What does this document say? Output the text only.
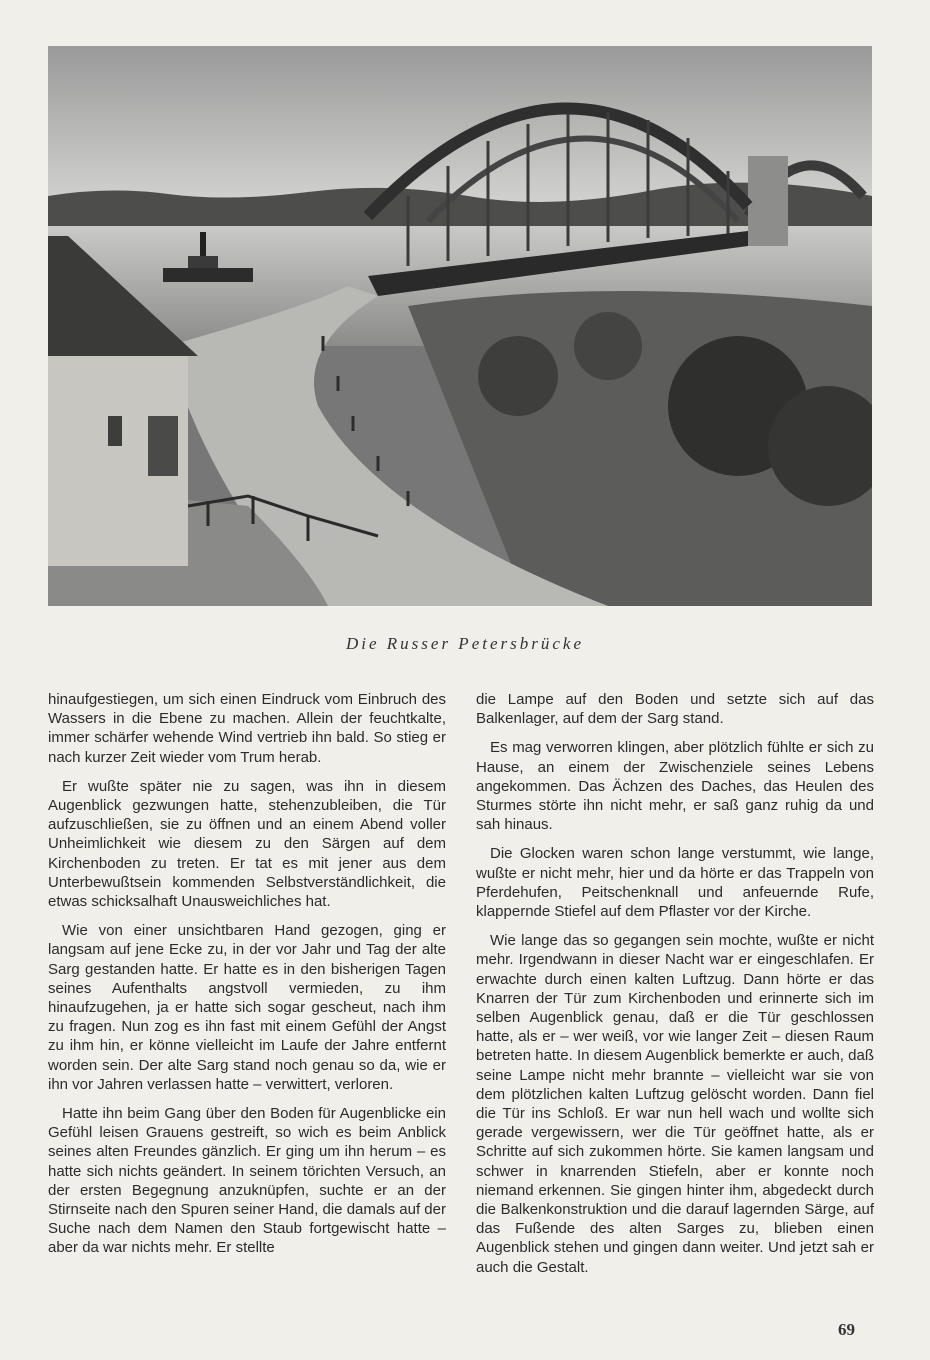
Die Russer Petersbrücke

hinaufgestiegen, um sich einen Eindruck vom Einbruch des Wassers in die Ebene zu machen. Allein der feuchtkalte, immer schärfer wehende Wind vertrieb ihn bald. So stieg er nach kurzer Zeit wieder vom Trum herab.

Er wußte später nie zu sagen, was ihn in diesem Augenblick gezwungen hatte, stehenzubleiben, die Tür aufzuschließen, sie zu öffnen und an einem Abend voller Unheimlichkeit wie diesem zu den Särgen auf dem Kirchenboden zu treten. Er tat es mit jener aus dem Unterbewußtsein kommenden Selbstverständlichkeit, die etwas schicksalhaft Unausweichliches hat.

Wie von einer unsichtbaren Hand gezogen, ging er langsam auf jene Ecke zu, in der vor Jahr und Tag der alte Sarg gestanden hatte. Er hatte es in den bisherigen Tagen seines Aufenthalts angstvoll vermieden, zu ihm hinaufzugehen, ja er hatte sich sogar gescheut, nach ihm zu fragen. Nun zog es ihn fast mit einem Gefühl der Angst zu ihm hin, er könne vielleicht im Laufe der Jahre entfernt worden sein. Der alte Sarg stand noch genau so da, wie er ihn vor Jahren verlassen hatte – verwittert, verloren.

Hatte ihn beim Gang über den Boden für Augenblicke ein Gefühl leisen Grauens gestreift, so wich es beim Anblick seines alten Freundes gänzlich. Er ging um ihn herum – es hatte sich nichts geändert. In seinem törichten Versuch, an der ersten Begegnung anzuknüpfen, suchte er an der Stirnseite nach den Spuren seiner Hand, die damals auf der Suche nach dem Namen den Staub fortgewischt hatte – aber da war nichts mehr. Er stellte

die Lampe auf den Boden und setzte sich auf das Balkenlager, auf dem der Sarg stand.

Es mag verworren klingen, aber plötzlich fühlte er sich zu Hause, an einem der Zwischenziele seines Lebens angekommen. Das Ächzen des Daches, das Heulen des Sturmes störte ihn nicht mehr, er saß ganz ruhig da und sah hinaus.

Die Glocken waren schon lange verstummt, wie lange, wußte er nicht mehr, hier und da hörte er das Trappeln von Pferdehufen, Peitschenknall und anfeuernde Rufe, klappernde Stiefel auf dem Pflaster vor der Kirche.

Wie lange das so gegangen sein mochte, wußte er nicht mehr. Irgendwann in dieser Nacht war er eingeschlafen. Er erwachte durch einen kalten Luftzug. Dann hörte er das Knarren der Tür zum Kirchenboden und erinnerte sich im selben Augenblick genau, daß er die Tür geschlossen hatte, als er – wer weiß, vor wie langer Zeit – diesen Raum betreten hatte. In diesem Augenblick bemerkte er auch, daß seine Lampe nicht mehr brannte – vielleicht war sie von dem plötzlichen kalten Luftzug gelöscht worden. Dann fiel die Tür ins Schloß. Er war nun hell wach und wollte sich gerade vergewissern, wer die Tür geöffnet hatte, als er Schritte auf sich zukommen hörte. Sie kamen langsam und schwer in knarrenden Stiefeln, aber er konnte noch niemand erkennen. Sie gingen hinter ihm, abgedeckt durch die Balkenkonstruktion und die darauf lagernden Särge, auf das Fußende des alten Sarges zu, blieben einen Augenblick stehen und gingen dann weiter. Und jetzt sah er auch die Gestalt.

69
